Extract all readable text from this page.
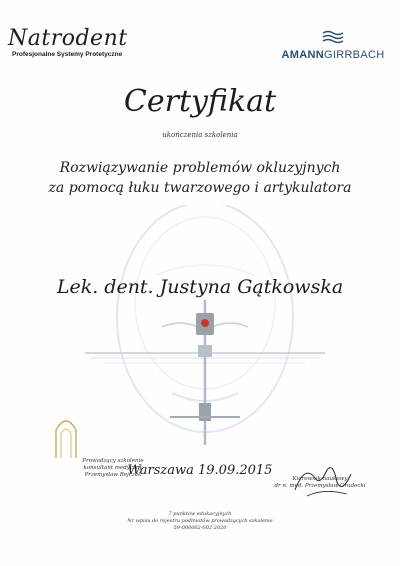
Natrodent
Profesjonalne Systemy Protetyczne	AMANNGIRRBACH
Certyfikat
ukończenia szkolenia
Rozwiązywanie problemów okluzyjnych
za pomocą łuku twarzowego i artykulatora
Lek. dent. Justyna Gątkowska
Prowadzący szkolenie
konsultant medyczny
Przemysław Rejczak
Warszawa 19.09.2015
Kierownik naukowy
dr n. med. Przemysław Grudecki
7 punktów edukacyjnych
Nr wpisu do rejestru podmiotów prowadzących szkolenie
59-000002-002-2020
